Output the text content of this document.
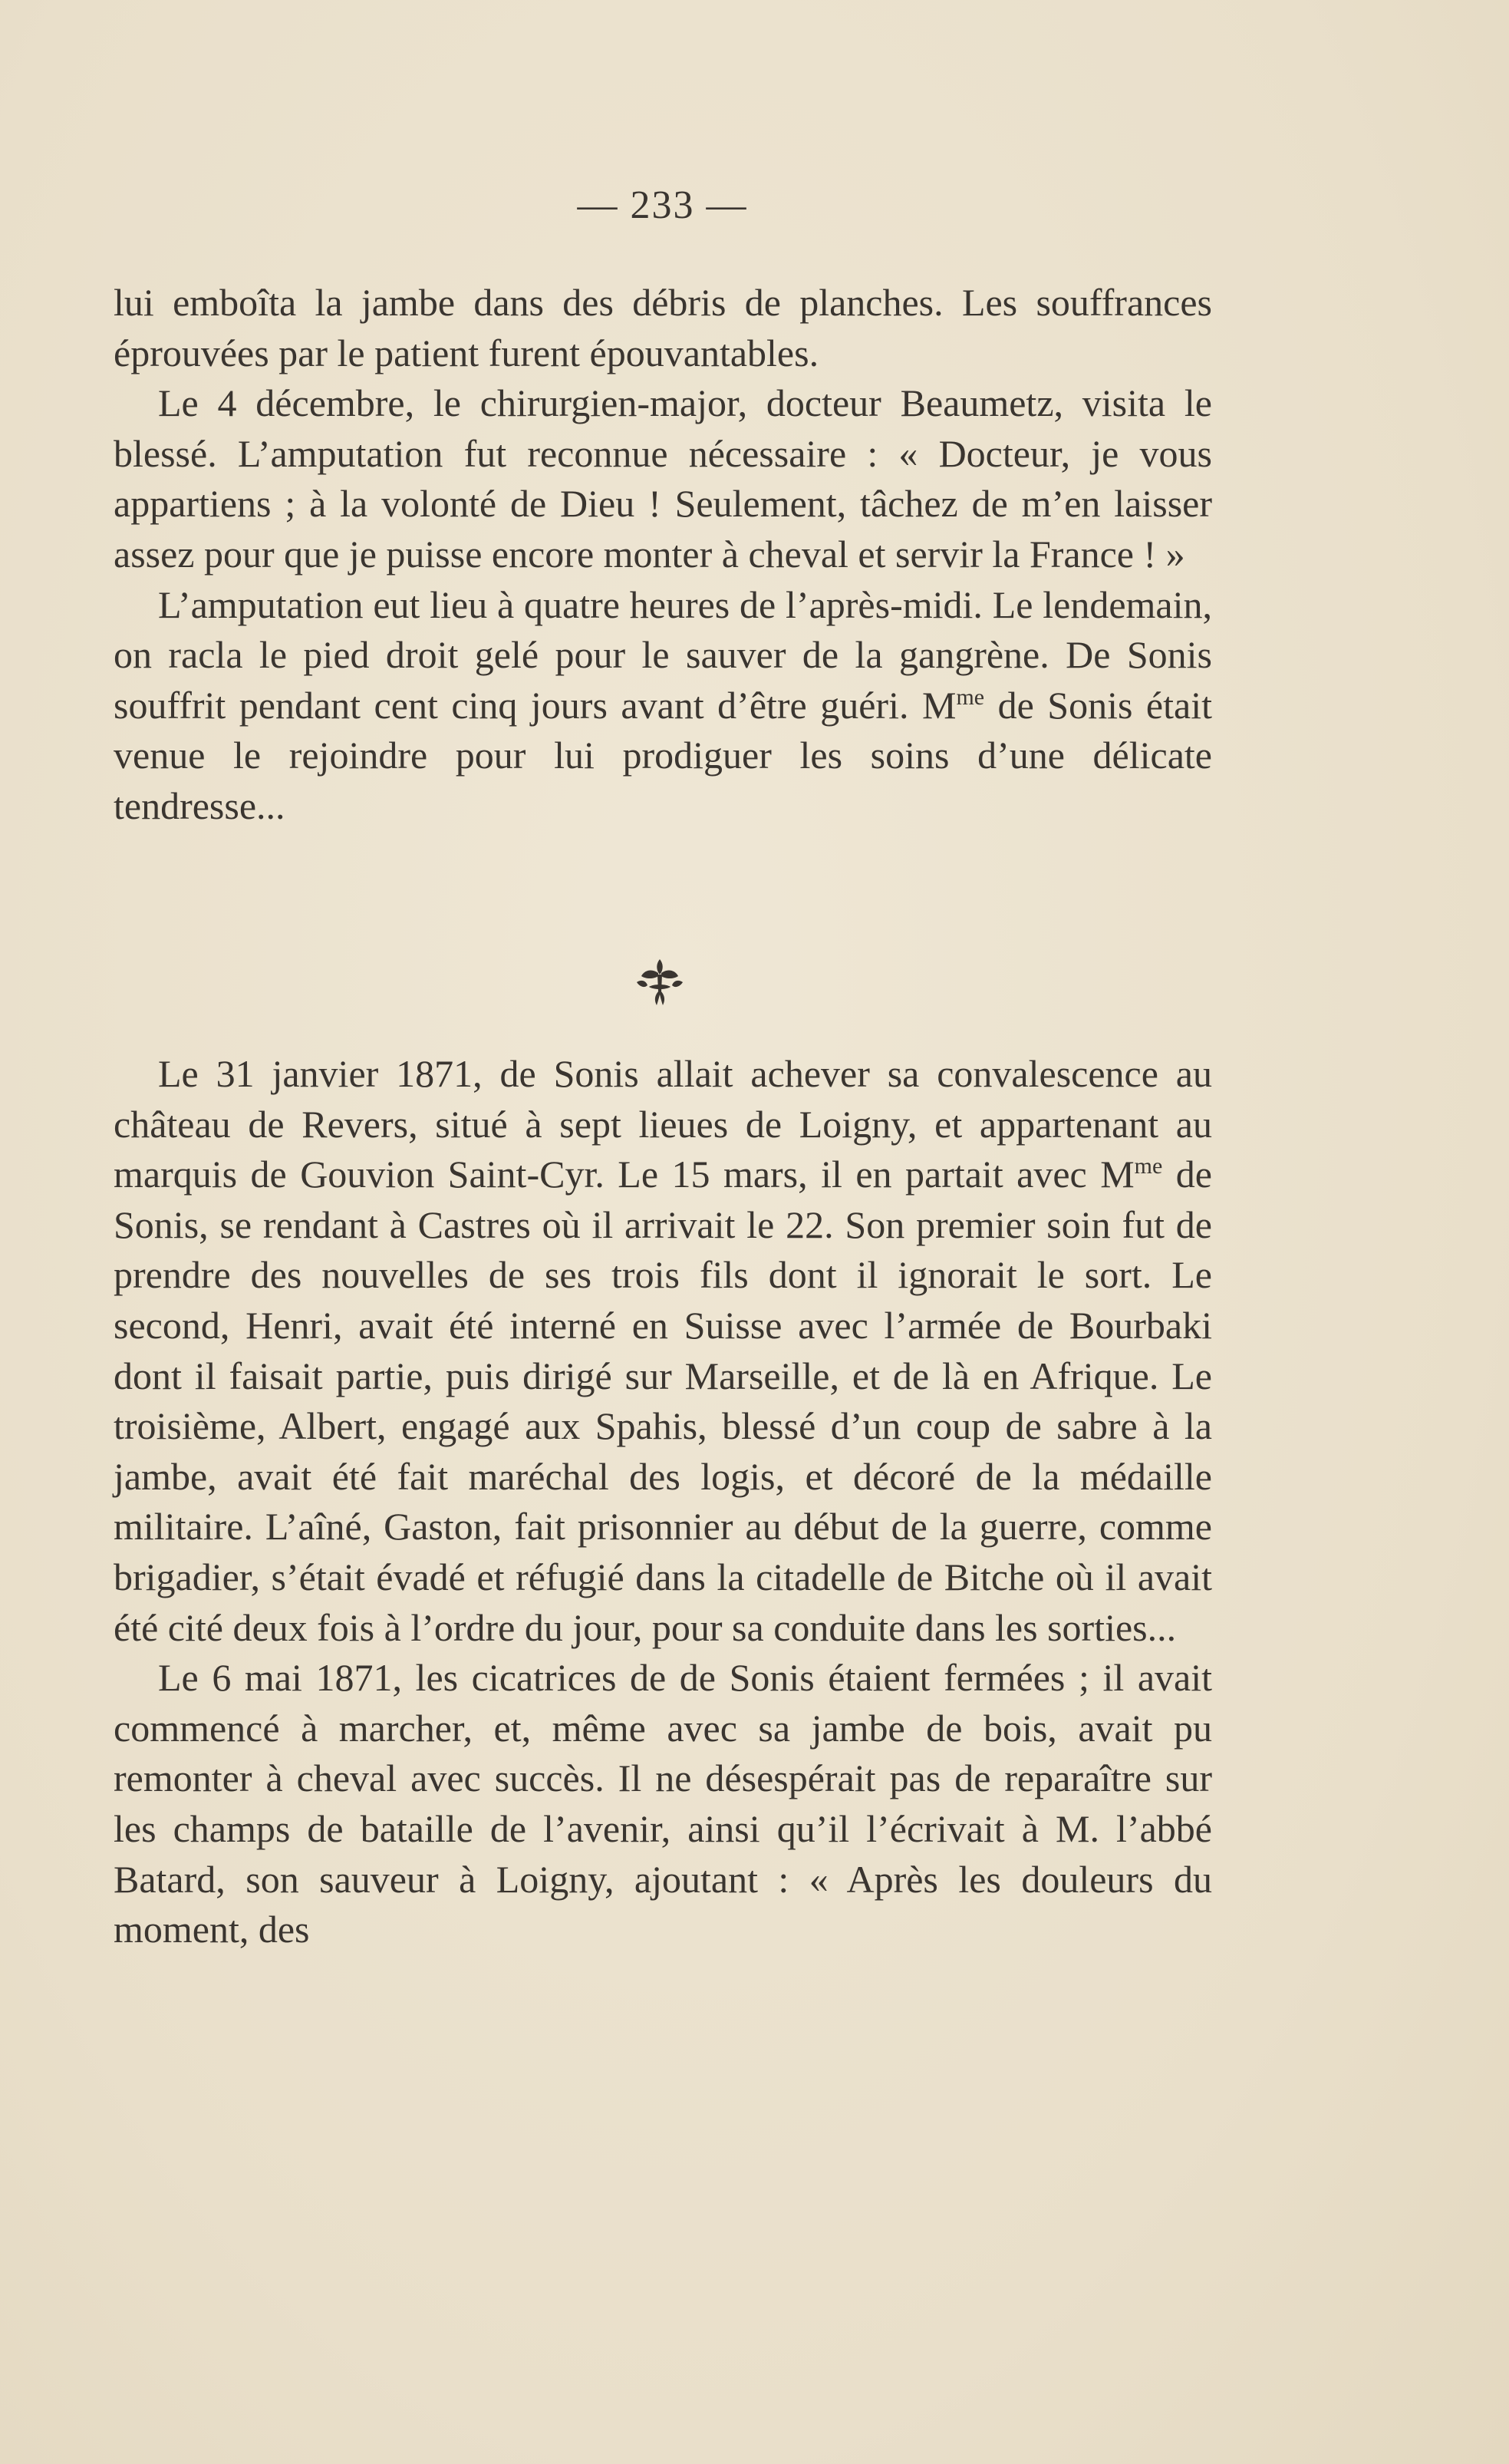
— 233 —

lui emboîta la jambe dans des débris de planches. Les souffrances éprouvées par le patient furent épouvantables.

Le 4 décembre, le chirurgien-major, docteur Beaumetz, visita le blessé. L’amputation fut reconnue nécessaire : « Docteur, je vous appartiens ; à la volonté de Dieu ! Seulement, tâchez de m’en laisser assez pour que je puisse encore monter à cheval et servir la France ! »

L’amputation eut lieu à quatre heures de l’après-midi. Le lendemain, on racla le pied droit gelé pour le sauver de la gangrène. De Sonis souffrit pendant cent cinq jours avant d’être guéri. $M^{me}$ de Sonis était venue le rejoindre pour lui prodiguer les soins d’une délicate tendresse...

Le 31 janvier 1871, de Sonis allait achever sa convalescence au château de Revers, situé à sept lieues de Loigny, et appartenant au marquis de Gouvion Saint-Cyr. Le 15 mars, il en partait avec $M^{me}$ de Sonis, se rendant à Castres où il arrivait le 22. Son premier soin fut de prendre des nouvelles de ses trois fils dont il ignorait le sort. Le second, Henri, avait été interné en Suisse avec l’armée de Bourbaki dont il faisait partie, puis dirigé sur Marseille, et de là en Afrique. Le troisième, Albert, engagé aux Spahis, blessé d’un coup de sabre à la jambe, avait été fait maréchal des logis, et décoré de la médaille militaire. L’aîné, Gaston, fait prisonnier au début de la guerre, comme brigadier, s’était évadé et réfugié dans la citadelle de Bitche où il avait été cité deux fois à l’ordre du jour, pour sa conduite dans les sorties...

Le 6 mai 1871, les cicatrices de de Sonis étaient fermées ; il avait commencé à marcher, et, même avec sa jambe de bois, avait pu remonter à cheval avec succès. Il ne désespérait pas de reparaître sur les champs de bataille de l’avenir, ainsi qu’il l’écrivait à M. l’abbé Batard, son sauveur à Loigny, ajoutant : « Après les douleurs du moment, des
